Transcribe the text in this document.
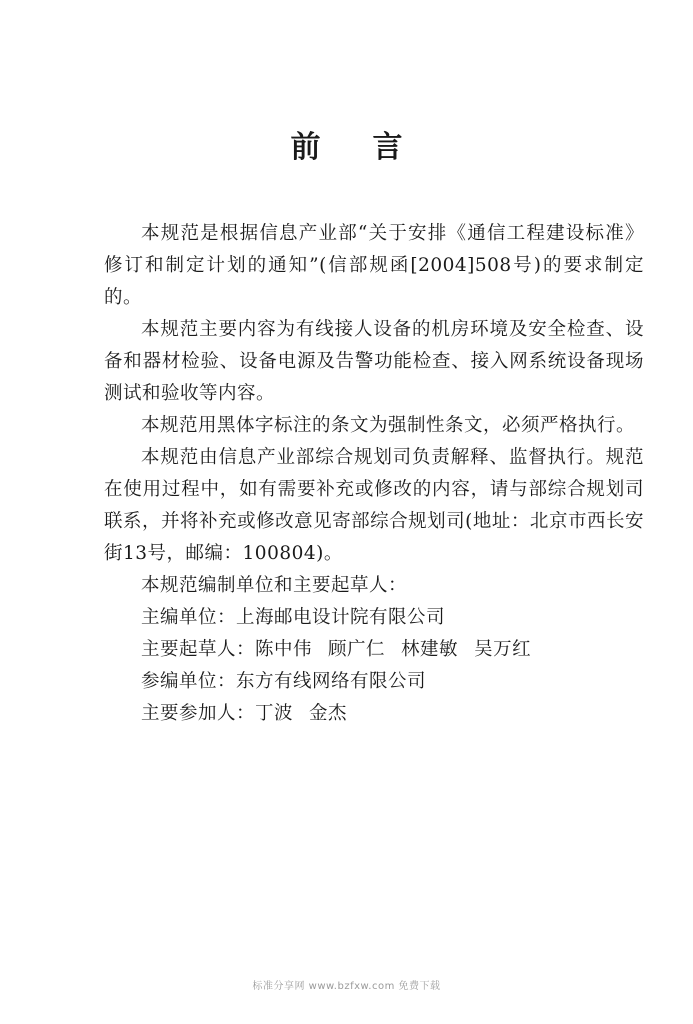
前言

本规范是根据信息产业部“关于安排《通信工程建设标准》修订和制定计划的通知”(信部规函[2004]508号)的要求制定的。

本规范主要内容为有线接人设备的机房环境及安全检查、设备和器材检验、设备电源及告警功能检查、接入网系统设备现场测试和验收等内容。

本规范用黑体字标注的条文为强制性条文，必须严格执行。

本规范由信息产业部综合规划司负责解释、监督执行。规范在使用过程中，如有需要补充或修改的内容，请与部综合规划司联系，并将补充或修改意见寄部综合规划司(地址：北京市西长安街13号，邮编：100804)。

本规范编制单位和主要起草人：

主编单位：上海邮电设计院有限公司

主要起草人：陈中伟 顾广仁 林建敏 吴万红

参编单位：东方有线网络有限公司

主要参加人：丁波 金杰

标准分享网 www.bzfxw.com 免费下载
